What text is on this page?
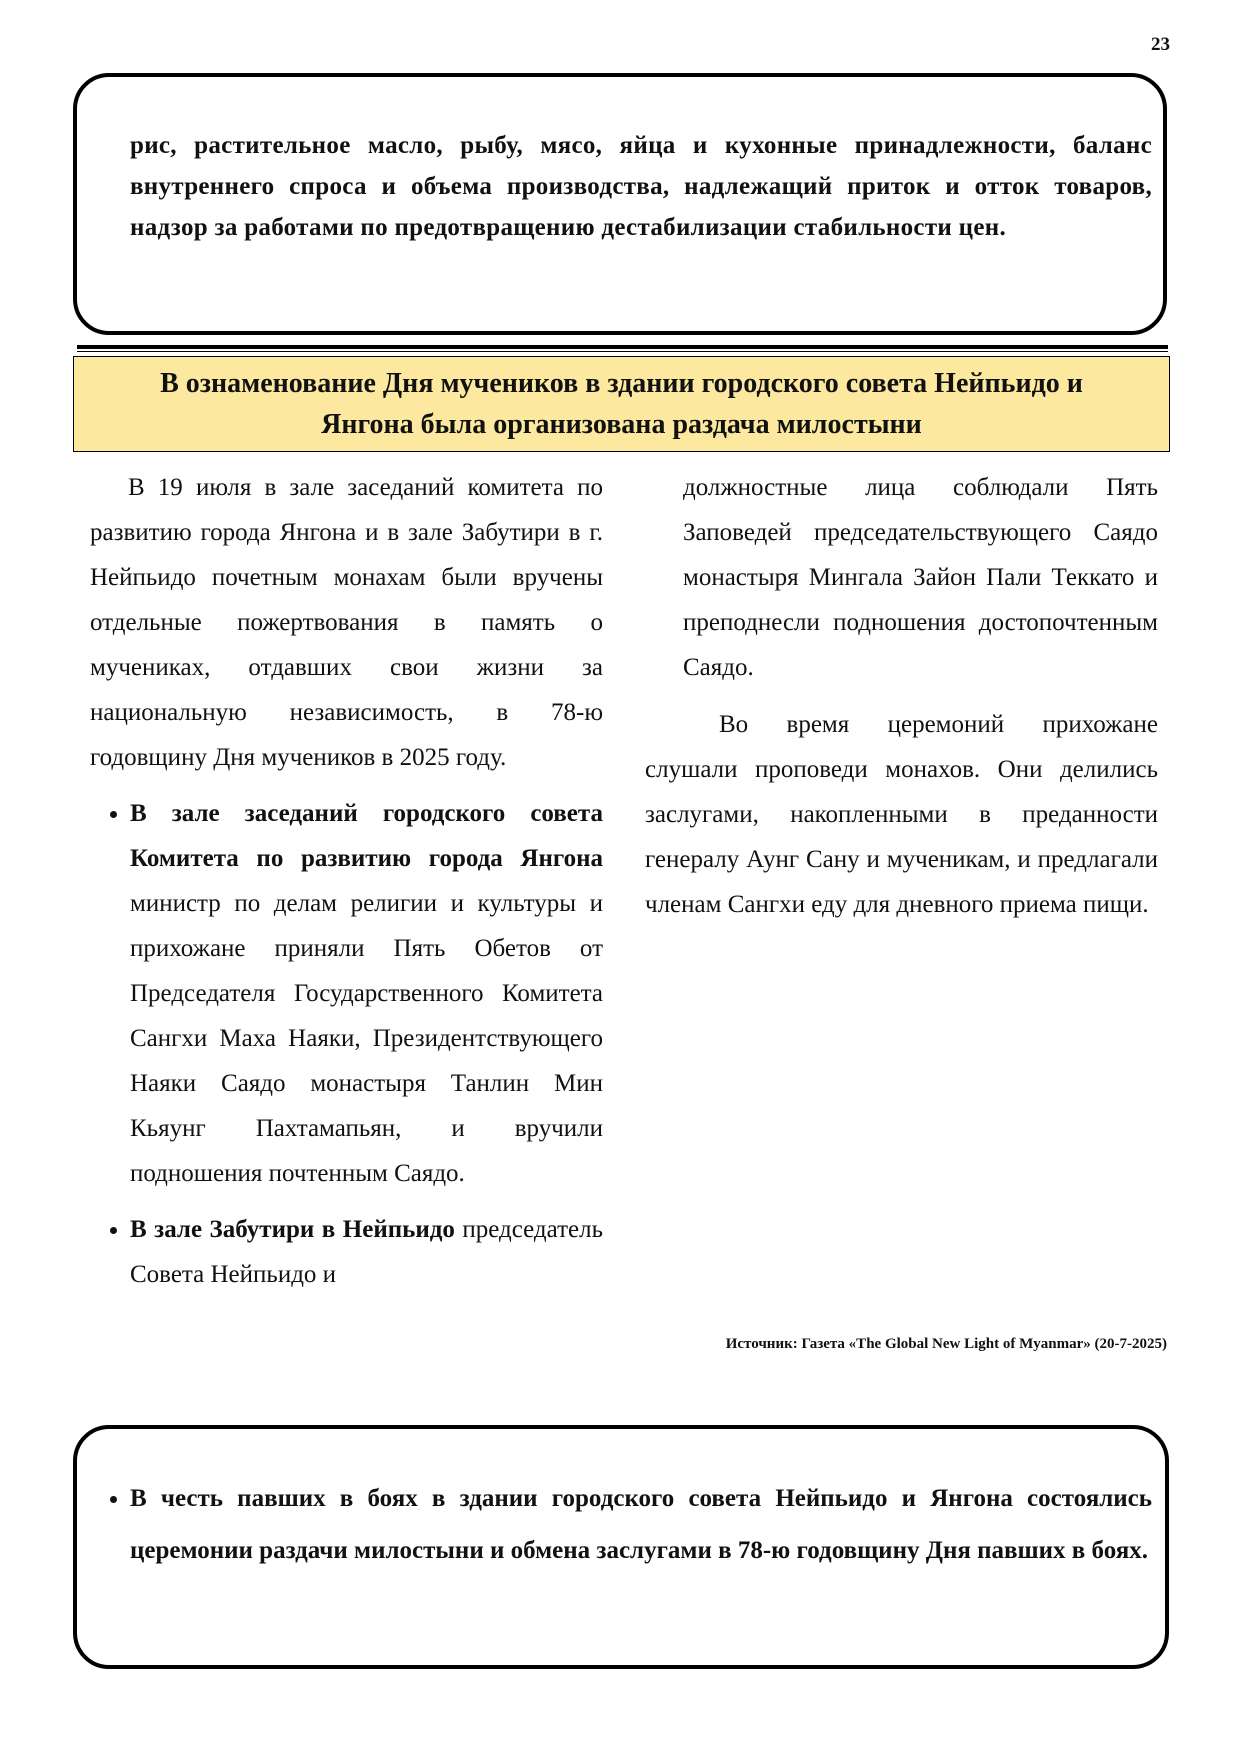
23
рис, растительное масло, рыбу, мясо, яйца и кухонные принадлежности, баланс внутреннего спроса и объема производства, надлежащий приток и отток товаров, надзор за работами по предотвращению дестабилизации стабильности цен.
В ознаменование Дня мучеников в здании городского совета Нейпьидо и
Янгона была организована раздача милостыни

В 19 июля в зале заседаний комитета по развитию города Янгона и в зале Забутири в г. Нейпьидо почетным монахам были вручены отдельные пожертвования в память о мучениках, отдавших свои жизни за национальную независимость, в 78-ю годовщину Дня мучеников в 2025 году.

• В зале заседаний городского совета Комитета по развитию города Янгона министр по делам религии и культуры и прихожане приняли Пять Обетов от Председателя Государственного Комитета Сангхи Маха Наяки, Президентствующего Наяки Саядо монастыря Танлин Мин Кьяунг Пахтамапьян, и вручили подношения почтенным Саядо.
• В зале Забутири в Нейпьидо председатель Совета Нейпьидо и

должностные лица соблюдали Пять Заповедей председательствующего Саядо монастыря Мингала Зайон Пали Теккато и преподнесли подношения достопочтенным Саядо.

Во время церемоний прихожане слушали проповеди монахов. Они делились заслугами, накопленными в преданности генералу Аунг Сану и мученикам, и предлагали членам Сангхи еду для дневного приема пищи.

Источник: Газета «The Global New Light of Myanmar» (20-7-2025)
• В честь павших в боях в здании городского совета Нейпьидо и Янгона состоялись церемонии раздачи милостыни и обмена заслугами в 78-ю годовщину Дня павших в боях.
